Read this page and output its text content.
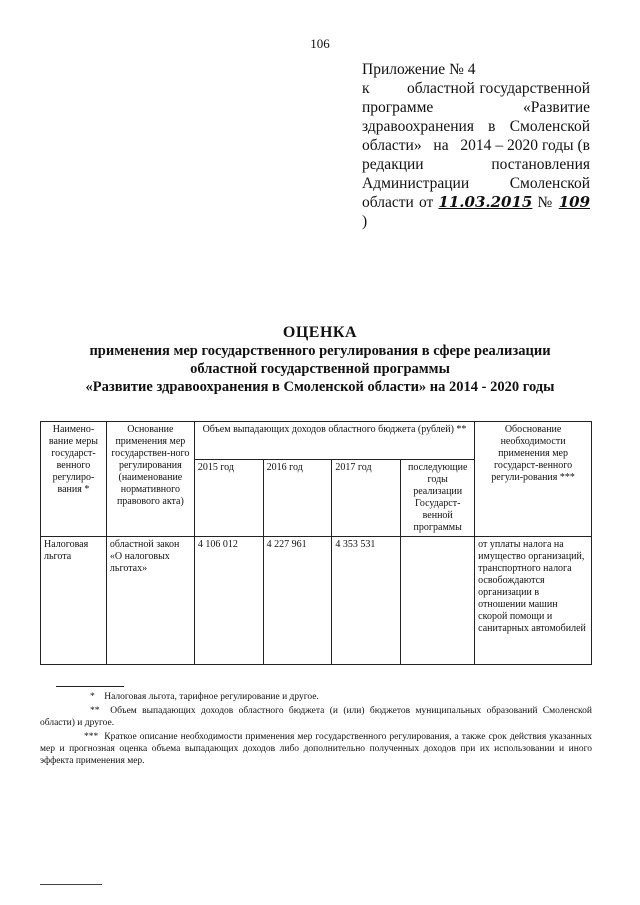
106
Приложение № 4
к        областной государственной
программе          «Развитие
здравоохранения в Смоленской
области»   на   2014 – 2020 годы (в
редакции           постановления
Администрации      Смоленской
области от 11.03.2015 № 109 )
ОЦЕНКА
применения мер государственного регулирования в сфере реализации
областной государственной программы
«Развитие здравоохранения в Смоленской области» на 2014 - 2020 годы
Наимено-вание меры государст-венного регулиро-вания *	Основание применения мер государствен-ного регулирования (наименование нормативного правового акта)	Объем выпадающих доходов областного бюджета (рублей) **				Обоснование необходимости применения мер государст-венного регули-рования ***
		2015 год	2016 год	2017 год	последующие годы реализации Государст-венной программы	
Налоговая льгота	областной закон «О налоговых льготах»	4 106 012	4 227 961	4 353 531		от уплаты налога на имущество организаций, транспортного налога освобождаются организации в отношении машин скорой помощи и санитарных автомобилей

*    Налоговая льгота, тарифное регулирование и другое.

**  Объем выпадающих доходов областного бюджета (и (или) бюджетов муниципальных образований Смоленской области) и другое.

***  Краткое описание необходимости применения мер государственного регулирования, а также срок действия указанных мер и прогнозная оценка объема выпадающих доходов либо дополнительно полученных доходов при их использовании и иного эффекта применения мер.
